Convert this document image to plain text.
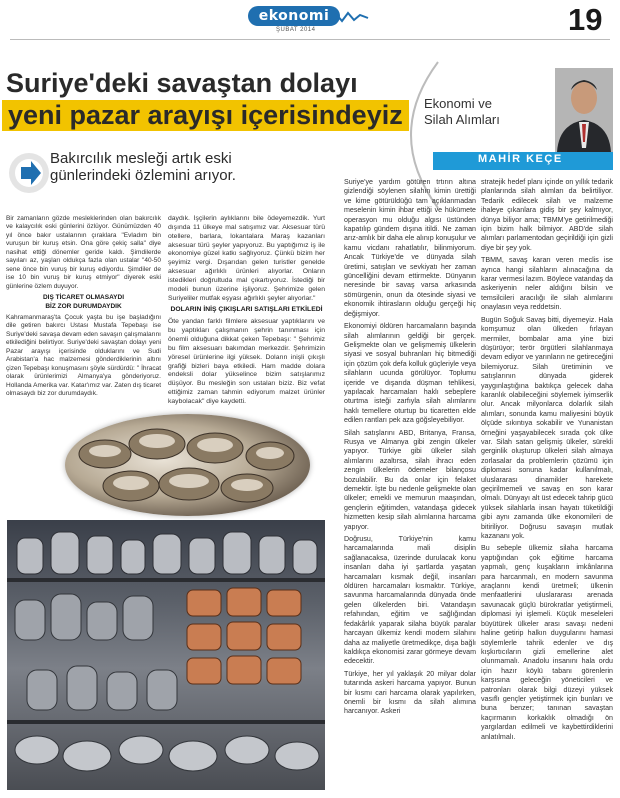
ekonomi
ŞUBAT 2014	19
Suriye'deki savaştan dolayı
yeni pazar arayışı içerisindeyiz
Bakırcılık mesleği artık eski günlerindeki özlemini arıyor.
Bir zamanların gözde mesleklerinden olan bakırcılık ve kalaycılık eski günlerini özlüyor. Günümüzden 40 yıl önce bakır ustalarının çıraklara "Evladım bin vuruşun bir kuruş etsin. Ona göre çekiç salla" diye nasihat ettiği dönemler geride kaldı. Şimdilerde sayıları az, yaşları oldukça fazla olan ustalar "40-50 sene önce bin vuruş bir kuruş ediyordu. Şimdiler de ise 10 bin vuruş bir kuruş etmiyor" diyerek eski günlerine özlem duyuyor.
DIŞ TİCARET OLMASAYDI
BİZ ZOR DURUMDAYDIK
Kahramanmaraş'ta Çocuk yaşta bu işe başladığını dile getiren bakırcı Ustası Mustafa Tepebaşı ise Suriye'deki savaşa devam eden savaşın çalışmalarını etkilediğini belirtiyor. Suriye'deki savaştan dolayı yeni Pazar arayışı içerisinde olduklarını ve Sudi Arabistan'a hac malzemesi gönderdiklerinin altını çizen Tepebaşı konuşmasını şöyle sürdürdü: " İhracat olarak ürünlerimizi Almanya'ya gönderiyoruz. Hollanda Amerika var. Katar'ımız var. Zaten dış ticaret olmasaydı biz zor durumdaydık.
daydık. İşçilerin aylıklarını bile ödeyemezdik. Yurt dışında 11 ülkeye mal satışımız var. Aksesuar türü otellere, barlara, lokantalara Maraş kazanları aksesuar türü şeyler yapıyoruz. Bu yaptığımız iş ile ekonomiye güzel katkı sağlıyoruz. Çünkü bizim her şeyimiz vergi. Dışarıdan gelen turistler genelde aksesuar ağırlıklı ürünleri alıyorlar. Onların istedikleri doğrultuda mal çıkartıyoruz. İstediği bir modeli bunun üzerine işliyoruz. Şehrimize gelen Suriyeliler mutfak eşyası ağırlıklı şeyler alıyorlar."
DOLARIN İNİŞ ÇIKIŞLARI SATIŞLARI ETKİLEDİ
Öte yandan farklı filmlere aksesuar yaptıklarını ve bu yaptıkları çalışmanın şehrin tanınması için önemli olduğuna dikkat çeken Tepebaşı: " Şehrimiz bu film aksesuarı bakımdan merkezdir. Şehrimizin yöresel ürünlerine ilgi yüksek. Doların inişli çıkışlı grafiği bizleri baya etkiledi. Ham madde dolara endeksli dolar yükselince bizim satışlarımız düşüyor. Bu mesleğin son ustaları biziz. Biz vefat ettiğimiz zaman tahmin ediyorum malzet ürünler kaybolacak" diye kaydetti.
Ekonomi ve
Silah Alımları
MAHİR KEÇE
Suriye'ye yardım götüren trtırın altına gizlendiği söylenen silahın kimin ürettiği ve kime götürüldüğü tam açıklanmadan meselenin kimin ihbar ettiği ve hükümete operasyon mu olduğu algısı üstünden kapatılıp gündem dışına itildi. Ne zaman arız-amlık bir daha ele alınıp konuşulur ve kamu vicdanı rahatlatılır, bilinmiyorum. Ancak Türkiye'de ve dünyada silah üretimi, satışları ve sevkiyatı her zaman güncelliğini devam ettirmekte. Dünyanın neresinde bir savaş varsa arkasında sömürgenin, onun da ötesinde siyasi ve ekonomik ihtirasların olduğu gerçeği hiç değişmiyor.
Ekonomiyi öldüren harcamaların başında silah alımlarının geldiği bir gerçek. Gelişmekte olan ve gelişmemiş ülkelerin siyasi ve sosyal buhranları hiç bitmediği için çözüm çok defa kolluk güçleriyle veya silahların ucunda görülüyor. Toplumu içeride ve dışarıda düşman tehlikesi, yapılacak harcamaları haklı sebeplere oturtma isteği zarfıyla silah alımlarını haklı temellere oturtup bu ticaretten elde edilen rantları pek aza göğsleyebiliyor.
Silah satışlarını ABD, Britanya, Fransa, Rusya ve Almanya gibi zengin ülkeler yapıyor. Türkiye gibi ülkeler silah alımlarını azaltırsa, silah ihracı eden zengin ülkelerin ödemeler bilançosu bozulabilir. Bu da onlar için felaket demektir. İşte bu nedenle gelişmekte olan ülkeler; emekli ve memurun maaşından, gençlerin eğitimden, vatandaşa gidecek hizmetten kesip silah alımlarına harcama yapıyor.
Doğrusu, Türkiye'nin kamu harcamalarında mali disiplin sağlanacaksa, üzerinde durulacak konu insanları daha iyi şartlarda yaşatan harcamaları kısmak değil, insanları öldüren harcamaları kısmaktır. Türkiye, savunma harcamalarında dünyada önde gelen ülkelerden biri. Vatandaşın refahından, eğitim ve sağlığından fedakârlık yaparak silaha büyük paralar harcayan ülkemiz kendi modern silahını daha az maliyetle üretmedikçe, dışa bağlı kaldıkça ekonomisi zarar görmeye devam edecektir.
Türkiye, her yıl yaklaşık 20 milyar dolar tutarında askeri harcama yapıyor. Bunun bir kısmı cari harcama olarak yapılırken, önemli bir kısmı da silah alımına harcanıyor. Askeri
stratejik hedef planı içinde on yıllık tedarik planlarında silah alımları da belirtiliyor. Tedarik edilecek silah ve malzeme ihaleye çıkanlara gidiş bir şey kalmıyor, dünya biliyor ama; TBMM'ye getirilmediği için bizim halk bilmiyor. ABD'de silah alımları parlamentodan geçirildiği için gizli diye bir şey yok.
TBMM, savaş kararı veren meclis ise ayrıca hangi silahların alınacağına da karar vermesi lazım. Böylece vatandaş da askeriyenin neler aldığını bilsin ve temsilcileri aracılığı ile silah alımlarını onaylasın veya reddetsin.
Bugün Soğuk Savaş bitti, diyemeyiz. Hala komşumuz olan ülkeden fırlayan mermiler, bombalar ama yine bizi düşürüyor; terör örgütleri silahlanmaya devam ediyor ve yarınların ne getireceğini bilemiyoruz. Silah üretiminin ve satışlarının dünyada giderek yaygınlaştığına baktıkça gelecek daha karanlık olabileceğini söylemek iyimserlik olur. Ancak milyonlarca dolarlık silah alımları, sonunda kamu maliyesini büyük ölçüde sıkıntıya sokabilir ve Yunanistan örneğini yaşayabilecek sırada çok ülke var. Silah satan gelişmiş ülkeler, sürekli gerginlik oluşturup ülkeleri silah almaya zorlasalar da problemlerin çözümü için diplomasi sonuna kadar kullanılmalı, uluslararası dinamikler harekete geçirilmemeli ve savaş en son karar olmalı. Dünyayı alt üst edecek tahrip gücü yüksek silahlarla insan hayatı tüketildiği gibi aynı zamanda ülke ekonomileri de bitiriliyor. Doğrusu savaşın mutlak kazananı yok.
Bu sebeple ülkemiz silaha harcama yaptığından çok eğitime harcama yapmalı, genç kuşakların imkânlarına para harcanmalı, en modern savunma araçlarını kendi üretmeli; ülkenin menfaatlerini uluslararası arenada savunacak güçlü bürokratlar yetiştirmeli, diplomasi iyi işlemeli. Küçük meseleleri büyütürek ülkeler arası savaşı nedeni haline getirip halkın duygularını hamasi söylemlerle tahrik edenler ve dış kışkırtıcıların gizli emellerine alet olunmamalı. Anadolu insanını hala ordu için hazır köylü tabanı görenlerin karşısına geleceğin yöneticileri ve patronları olarak bilgi düzeyi yüksek vasıflı gençler yetiştirmek için bunları ve buna benzer; tanınan savaştan kaçırmanın korkaklık olmadığı ön yargılardan edilmeli ve kaybettirdiklerini anlatılmalı.
